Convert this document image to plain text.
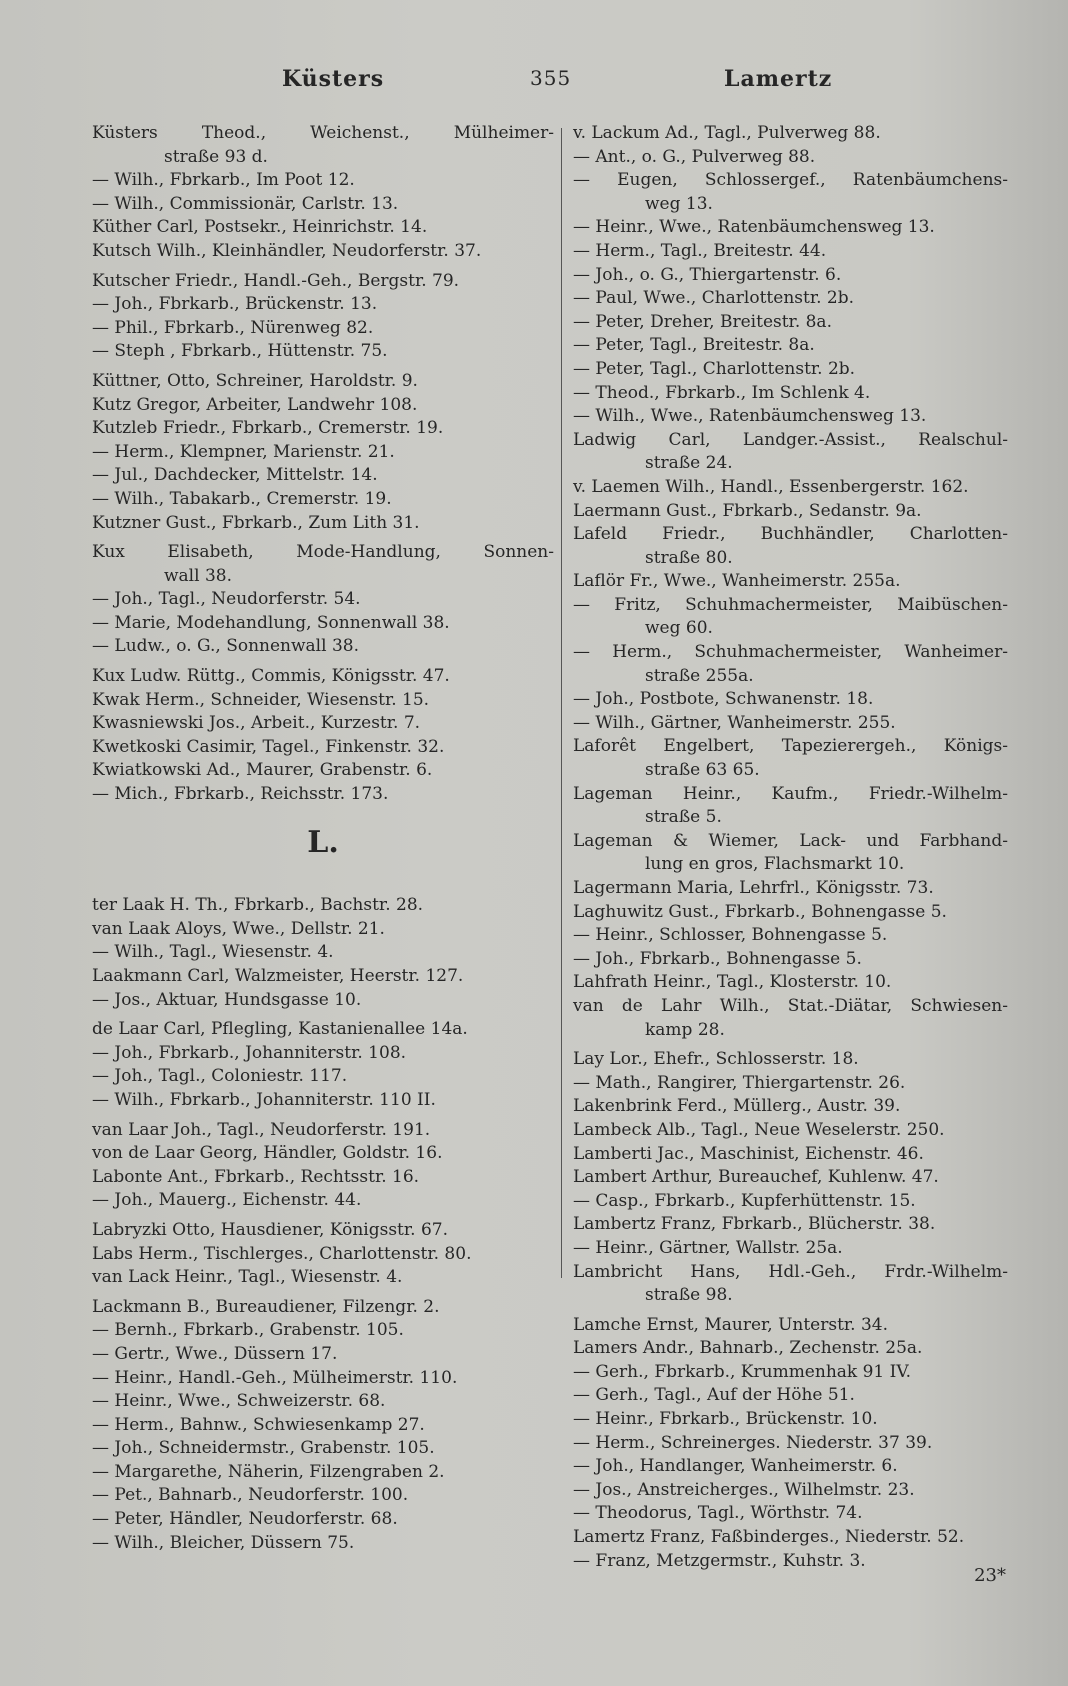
Küsters	355	Lamertz
Küsters Theod., Weichenst., Mülheimer-
straße 93 d.
— Wilh., Fbrkarb., Im Poot 12.
— Wilh., Commissionär, Carlstr. 13.
Küther Carl, Postsekr., Heinrichstr. 14.
Kutsch Wilh., Kleinhändler, Neudorferstr. 37.
Kutscher Friedr., Handl.-Geh., Bergstr. 79.
— Joh., Fbrkarb., Brückenstr. 13.
— Phil., Fbrkarb., Nürenweg 82.
— Steph , Fbrkarb., Hüttenstr. 75.
Küttner, Otto, Schreiner, Haroldstr. 9.
Kutz Gregor, Arbeiter, Landwehr 108.
Kutzleb Friedr., Fbrkarb., Cremerstr. 19.
— Herm., Klempner, Marienstr. 21.
— Jul., Dachdecker, Mittelstr. 14.
— Wilh., Tabakarb., Cremerstr. 19.
Kutzner Gust., Fbrkarb., Zum Lith 31.
Kux Elisabeth, Mode-Handlung, Sonnen-
wall 38.
— Joh., Tagl., Neudorferstr. 54.
— Marie, Modehandlung, Sonnenwall 38.
— Ludw., o. G., Sonnenwall 38.
Kux Ludw. Rüttg., Commis, Königsstr. 47.
Kwak Herm., Schneider, Wiesenstr. 15.
Kwasniewski Jos., Arbeit., Kurzestr. 7.
Kwetkoski Casimir, Tagel., Finkenstr. 32.
Kwiatkowski Ad., Maurer, Grabenstr. 6.
— Mich., Fbrkarb., Reichsstr. 173.
L.
ter Laak H. Th., Fbrkarb., Bachstr. 28.
van Laak Aloys, Wwe., Dellstr. 21.
— Wilh., Tagl., Wiesenstr. 4.
Laakmann Carl, Walzmeister, Heerstr. 127.
— Jos., Aktuar, Hundsgasse 10.
de Laar Carl, Pflegling, Kastanienallee 14a.
— Joh., Fbrkarb., Johanniterstr. 108.
— Joh., Tagl., Coloniestr. 117.
— Wilh., Fbrkarb., Johanniterstr. 110 II.
van Laar Joh., Tagl., Neudorferstr. 191.
von de Laar Georg, Händler, Goldstr. 16.
Labonte Ant., Fbrkarb., Rechtsstr. 16.
— Joh., Mauerg., Eichenstr. 44.
Labryzki Otto, Hausdiener, Königsstr. 67.
Labs Herm., Tischlerges., Charlottenstr. 80.
van Lack Heinr., Tagl., Wiesenstr. 4.
Lackmann B., Bureaudiener, Filzengr. 2.
— Bernh., Fbrkarb., Grabenstr. 105.
— Gertr., Wwe., Düssern 17.
— Heinr., Handl.-Geh., Mülheimerstr. 110.
— Heinr., Wwe., Schweizerstr. 68.
— Herm., Bahnw., Schwiesenkamp 27.
— Joh., Schneidermstr., Grabenstr. 105.
— Margarethe, Näherin, Filzengraben 2.
— Pet., Bahnarb., Neudorferstr. 100.
— Peter, Händler, Neudorferstr. 68.
— Wilh., Bleicher, Düssern 75.
v. Lackum Ad., Tagl., Pulverweg 88.
— Ant., o. G., Pulverweg 88.
— Eugen, Schlossergef., Ratenbäumchens-
weg 13.
— Heinr., Wwe., Ratenbäumchensweg 13.
— Herm., Tagl., Breitestr. 44.
— Joh., o. G., Thiergartenstr. 6.
— Paul, Wwe., Charlottenstr. 2b.
— Peter, Dreher, Breitestr. 8a.
— Peter, Tagl., Breitestr. 8a.
— Peter, Tagl., Charlottenstr. 2b.
— Theod., Fbrkarb., Im Schlenk 4.
— Wilh., Wwe., Ratenbäumchensweg 13.
Ladwig Carl, Landger.-Assist., Realschul-
straße 24.
v. Laemen Wilh., Handl., Essenbergerstr. 162.
Laermann Gust., Fbrkarb., Sedanstr. 9a.
Lafeld Friedr., Buchhändler, Charlotten-
straße 80.
Laflör Fr., Wwe., Wanheimerstr. 255a.
— Fritz, Schuhmachermeister, Maibüschen-
weg 60.
— Herm., Schuhmachermeister, Wanheimer-
straße 255a.
— Joh., Postbote, Schwanenstr. 18.
— Wilh., Gärtner, Wanheimerstr. 255.
Laforêt Engelbert, Tapezierergeh., Königs-
straße 63 65.
Lageman Heinr., Kaufm., Friedr.-Wilhelm-
straße 5.
Lageman & Wiemer, Lack- und Farbhand-
lung en gros, Flachsmarkt 10.
Lagermann Maria, Lehrfrl., Königsstr. 73.
Laghuwitz Gust., Fbrkarb., Bohnengasse 5.
— Heinr., Schlosser, Bohnengasse 5.
— Joh., Fbrkarb., Bohnengasse 5.
Lahfrath Heinr., Tagl., Klosterstr. 10.
van de Lahr Wilh., Stat.-Diätar, Schwiesen-
kamp 28.
Lay Lor., Ehefr., Schlosserstr. 18.
— Math., Rangirer, Thiergartenstr. 26.
Lakenbrink Ferd., Müllerg., Austr. 39.
Lambeck Alb., Tagl., Neue Weselerstr. 250.
Lamberti Jac., Maschinist, Eichenstr. 46.
Lambert Arthur, Bureauchef, Kuhlenw. 47.
— Casp., Fbrkarb., Kupferhüttenstr. 15.
Lambertz Franz, Fbrkarb., Blücherstr. 38.
— Heinr., Gärtner, Wallstr. 25a.
Lambricht Hans, Hdl.-Geh., Frdr.-Wilhelm-
straße 98.
Lamche Ernst, Maurer, Unterstr. 34.
Lamers Andr., Bahnarb., Zechenstr. 25a.
— Gerh., Fbrkarb., Krummenhak 91 IV.
— Gerh., Tagl., Auf der Höhe 51.
— Heinr., Fbrkarb., Brückenstr. 10.
— Herm., Schreinerges. Niederstr. 37 39.
— Joh., Handlanger, Wanheimerstr. 6.
— Jos., Anstreicherges., Wilhelmstr. 23.
— Theodorus, Tagl., Wörthstr. 74.
Lamertz Franz, Faßbinderges., Niederstr. 52.
— Franz, Metzgermstr., Kuhstr. 3.
23*
